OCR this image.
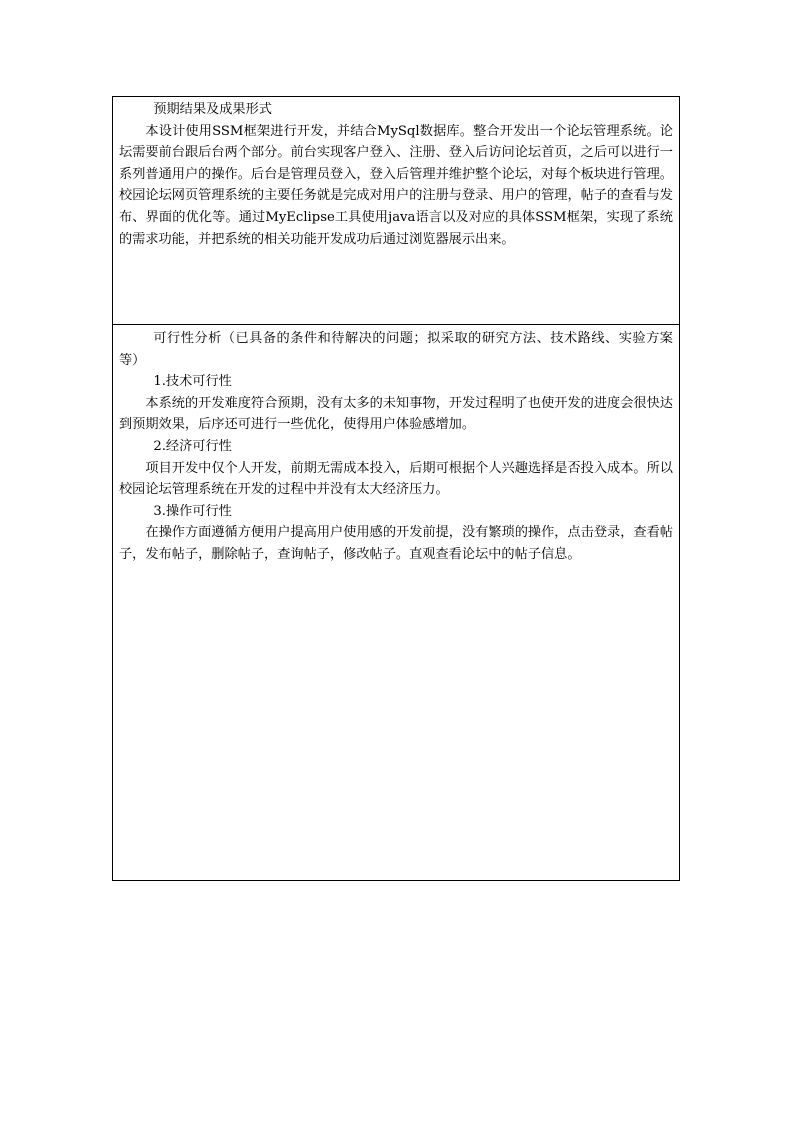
预期结果及成果形式

本设计使用SSM框架进行开发，并结合MySql数据库。整合开发出一个论坛管理系统。论坛需要前台跟后台两个部分。前台实现客户登入、注册、登入后访问论坛首页，之后可以进行一系列普通用户的操作。后台是管理员登入，登入后管理并维护整个论坛，对每个板块进行管理。校园论坛网页管理系统的主要任务就是完成对用户的注册与登录、用户的管理，帖子的查看与发布、界面的优化等。通过MyEclipse工具使用java语言以及对应的具体SSM框架，实现了系统的需求功能，并把系统的相关功能开发成功后通过浏览器展示出来。

可行性分析（已具备的条件和待解决的问题；拟采取的研究方法、技术路线、实验方案等）

1.技术可行性

本系统的开发难度符合预期，没有太多的未知事物，开发过程明了也使开发的进度会很快达到预期效果，后序还可进行一些优化，使得用户体验感增加。

2.经济可行性

项目开发中仅个人开发，前期无需成本投入，后期可根据个人兴趣选择是否投入成本。所以校园论坛管理系统在开发的过程中并没有太大经济压力。

3.操作可行性

在操作方面遵循方便用户提高用户使用感的开发前提，没有繁琐的操作，点击登录，查看帖子，发布帖子，删除帖子，查询帖子，修改帖子。直观查看论坛中的帖子信息。
